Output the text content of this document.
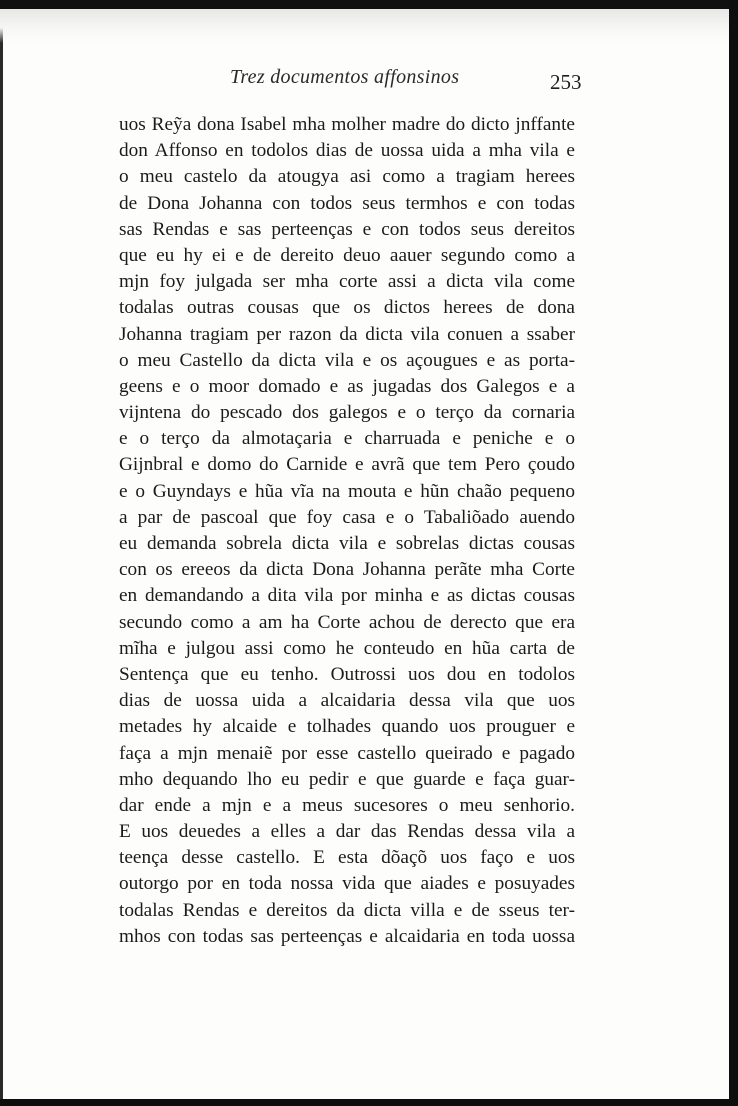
Trez documentos affonsinos	253
uos Reỹa dona Isabel mha molher madre do dicto jnffante
don Affonso en todolos dias de uossa uida a mha vila e
o meu castelo da atougya asi como a tragiam herees
de Dona Johanna con todos seus termhos e con todas
sas Rendas e sas perteenças e con todos seus dereitos
que eu hy ei e de dereito deuo aauer segundo como a
mjn foy julgada ser mha corte assi a dicta vila come
todalas outras cousas que os dictos herees de dona
Johanna tragiam per razon da dicta vila conuen a ssaber
o meu Castello da dicta vila e os açougues e as porta-
geens e o moor domado e as jugadas dos Galegos e a
vijntena do pescado dos galegos e o terço da cornaria
e o terço da almotaçaria e charruada e peniche e o
Gijnbral e domo do Carnide e avrã que tem Pero çoudo
e o Guyndays e hũa vĩa na mouta e hũn chaão pequeno
a par de pascoal que foy casa e o Tabaliõado auendo
eu demanda sobrela dicta vila e sobrelas dictas cousas
con os ereeos da dicta Dona Johanna perãte mha Corte
en demandando a dita vila por minha e as dictas cousas
secundo como a am ha Corte achou de derecto que era
mĩha e julgou assi como he conteudo en hũa carta de
Sentença que eu tenho. Outrossi uos dou en todolos
dias de uossa uida a alcaidaria dessa vila que uos
metades hy alcaide e tolhades quando uos prouguer e
faça a mjn menaiẽ por esse castello queirado e pagado
mho dequando lho eu pedir e que guarde e faça guar-
dar ende a mjn e a meus sucesores o meu senhorio.
E uos deuedes a elles a dar das Rendas dessa vila a
teença desse castello. E esta dõaçõ uos faço e uos
outorgo por en toda nossa vida que aiades e posuyades
todalas Rendas e dereitos da dicta villa e de sseus ter-
mhos con todas sas perteenças e alcaidaria en toda uossa
